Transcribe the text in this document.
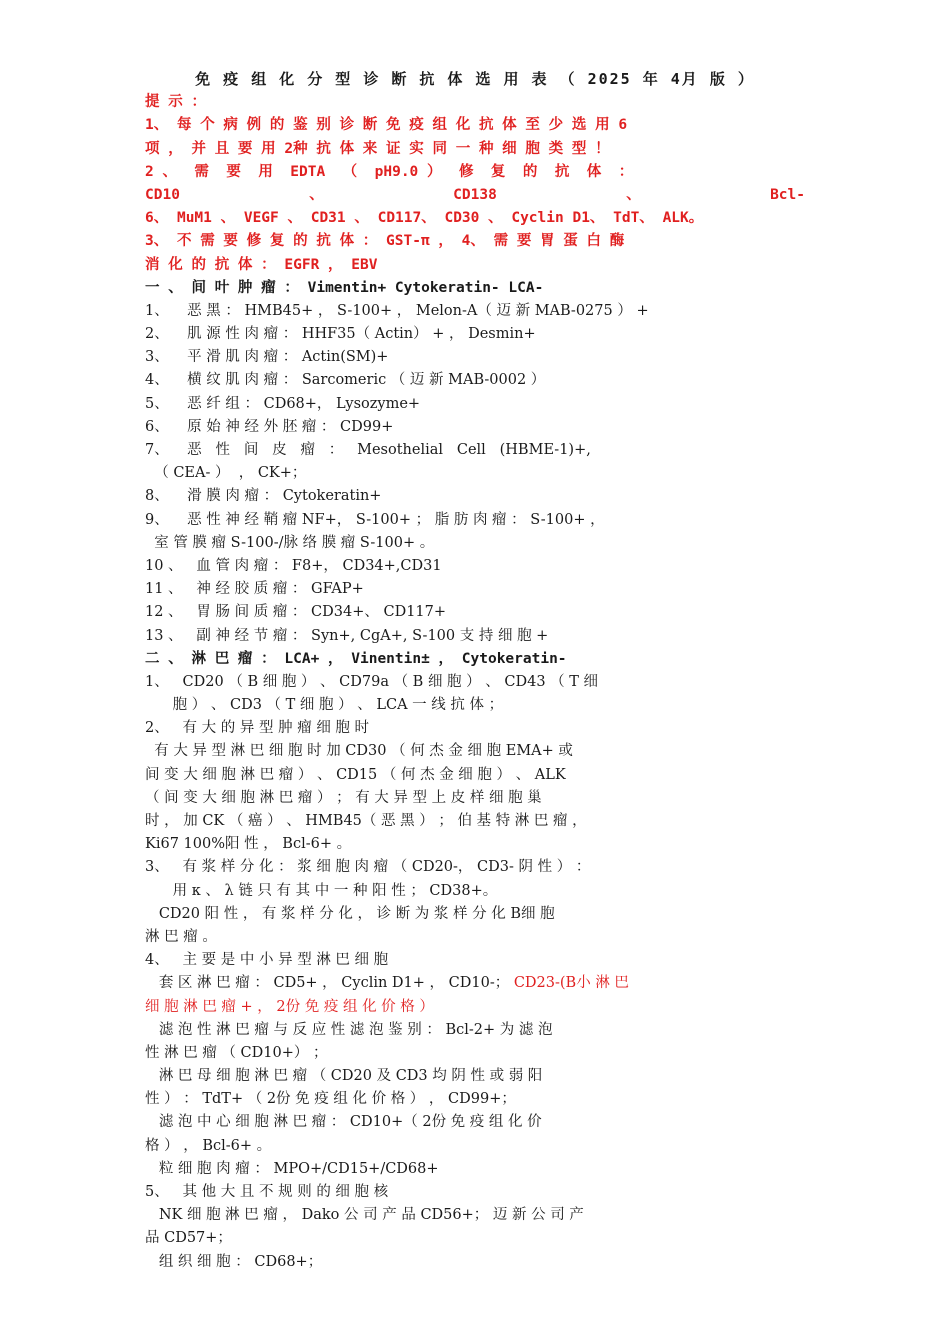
免 疫 组 化 分 型 诊 断 抗 体 选 用 表 （ 2025 年 4月 版 ）
提 示 ：
1、 每 个 病 例 的 鉴 别 诊 断 免 疫 组 化 抗 体 至 少 选 用 6
项 ， 并 且 要 用 2种 抗 体 来 证 实 同 一 种 细 胞 类 型 ！
2 、  需  要  用  EDTA  （  pH9.0 ）  修  复  的  抗  体  ：
CD10	、	CD138	、	Bcl-
6、 MuM1 、 VEGF 、 CD31 、 CD117、 CD30 、 Cyclin D1、 TdT、 ALK。
3、 不 需 要 修 复 的 抗 体 ： GST-π ， 4、 需 要 胃 蛋 白 酶
消 化 的 抗 体 ： EGFR ， EBV
一 、 间 叶 肿 瘤 ： Vimentin+ Cytokeratin- LCA-
1、    恶 黑 ： HMB45+ ， S-100+ ， Melon-A（ 迈 新 MAB-0275 ） +
2、    肌 源 性 肉 瘤 ： HHF35（ Actin） + ， Desmin+
3、    平 滑 肌 肉 瘤 ： Actin(SM)+
4、    横 纹 肌 肉 瘤 ： Sarcomeric （ 迈 新 MAB-0002 ）
5、    恶 纤 组 ： CD68+， Lysozyme+
6、    原 始 神 经 外 胚 瘤 ： CD99+
7、    恶   性   间   皮   瘤   ：   Mesothelial   Cell   (HBME-1)+,
（ CEA- ）  ， CK+；
8、    滑 膜 肉 瘤 ： Cytokeratin+
9、    恶 性 神 经 鞘 瘤 NF+， S-100+ ； 脂 肪 肉 瘤 ： S-100+ ，
室 管 膜 瘤 S-100-/脉 络 膜 瘤 S-100+ 。
10 、   血 管 肉 瘤 ： F8+， CD34+,CD31
11 、   神 经 胶 质 瘤 ： GFAP+
12 、   胃 肠 间 质 瘤 ： CD34+、 CD117+
13 、   副 神 经 节 瘤 ： Syn+, CgA+, S-100 支 持 细 胞 +
二 、 淋 巴 瘤 ： LCA+ ， Vinentin± ， Cytokeratin-
1、   CD20 （ B 细 胞 ） 、 CD79a （ B 细 胞 ） 、 CD43 （ T 细
胞 ） 、 CD3 （ T 细 胞 ） 、 LCA 一 线 抗 体 ；
2、   有 大 的 异 型 肿 瘤 细 胞 时
有 大 异 型 淋 巴 细 胞 时 加 CD30 （ 何 杰 金 细 胞 EMA+ 或
间 变 大 细 胞 淋 巴 瘤 ） 、 CD15 （ 何 杰 金 细 胞 ） 、 ALK
（ 间 变 大 细 胞 淋 巴 瘤 ） ； 有 大 异 型 上 皮 样 细 胞 巢
时 ， 加 CK （ 癌 ） 、 HMB45（ 恶 黑 ） ； 伯 基 特 淋 巴 瘤 ，
Ki67 100%阳 性 ， Bcl-6+ 。
3、   有 浆 样 分 化 ： 浆 细 胞 肉 瘤 （ CD20-， CD3- 阴 性 ） ：
用 κ 、 λ 链 只 有 其 中 一 种 阳 性 ； CD38+。
CD20 阳 性 ， 有 浆 样 分 化 ， 诊 断 为 浆 样 分 化 B细 胞
淋 巴 瘤 。
4、   主 要 是 中 小 异 型 淋 巴 细 胞
套 区 淋 巴 瘤 ： CD5+ ， Cyclin D1+ ， CD10-； CD23-(B小 淋 巴
细 胞 淋 巴 瘤 + ， 2份 免 疫 组 化 价 格 ）
滤 泡 性 淋 巴 瘤 与 反 应 性 滤 泡 鉴 别 ： Bcl-2+ 为 滤 泡
性 淋 巴 瘤 （ CD10+） ；
淋 巴 母 细 胞 淋 巴 瘤 （ CD20 及 CD3 均 阴 性 或 弱 阳
性 ） ： TdT+ （ 2份 免 疫 组 化 价 格 ） ， CD99+；
滤 泡 中 心 细 胞 淋 巴 瘤 ： CD10+（ 2份 免 疫 组 化 价
格 ） ， Bcl-6+ 。
粒 细 胞 肉 瘤 ： MPO+/CD15+/CD68+
5、   其 他 大 且 不 规 则 的 细 胞 核
NK 细 胞 淋 巴 瘤 ， Dako 公 司 产 品 CD56+； 迈 新 公 司 产
品 CD57+；
组 织 细 胞 ： CD68+；
